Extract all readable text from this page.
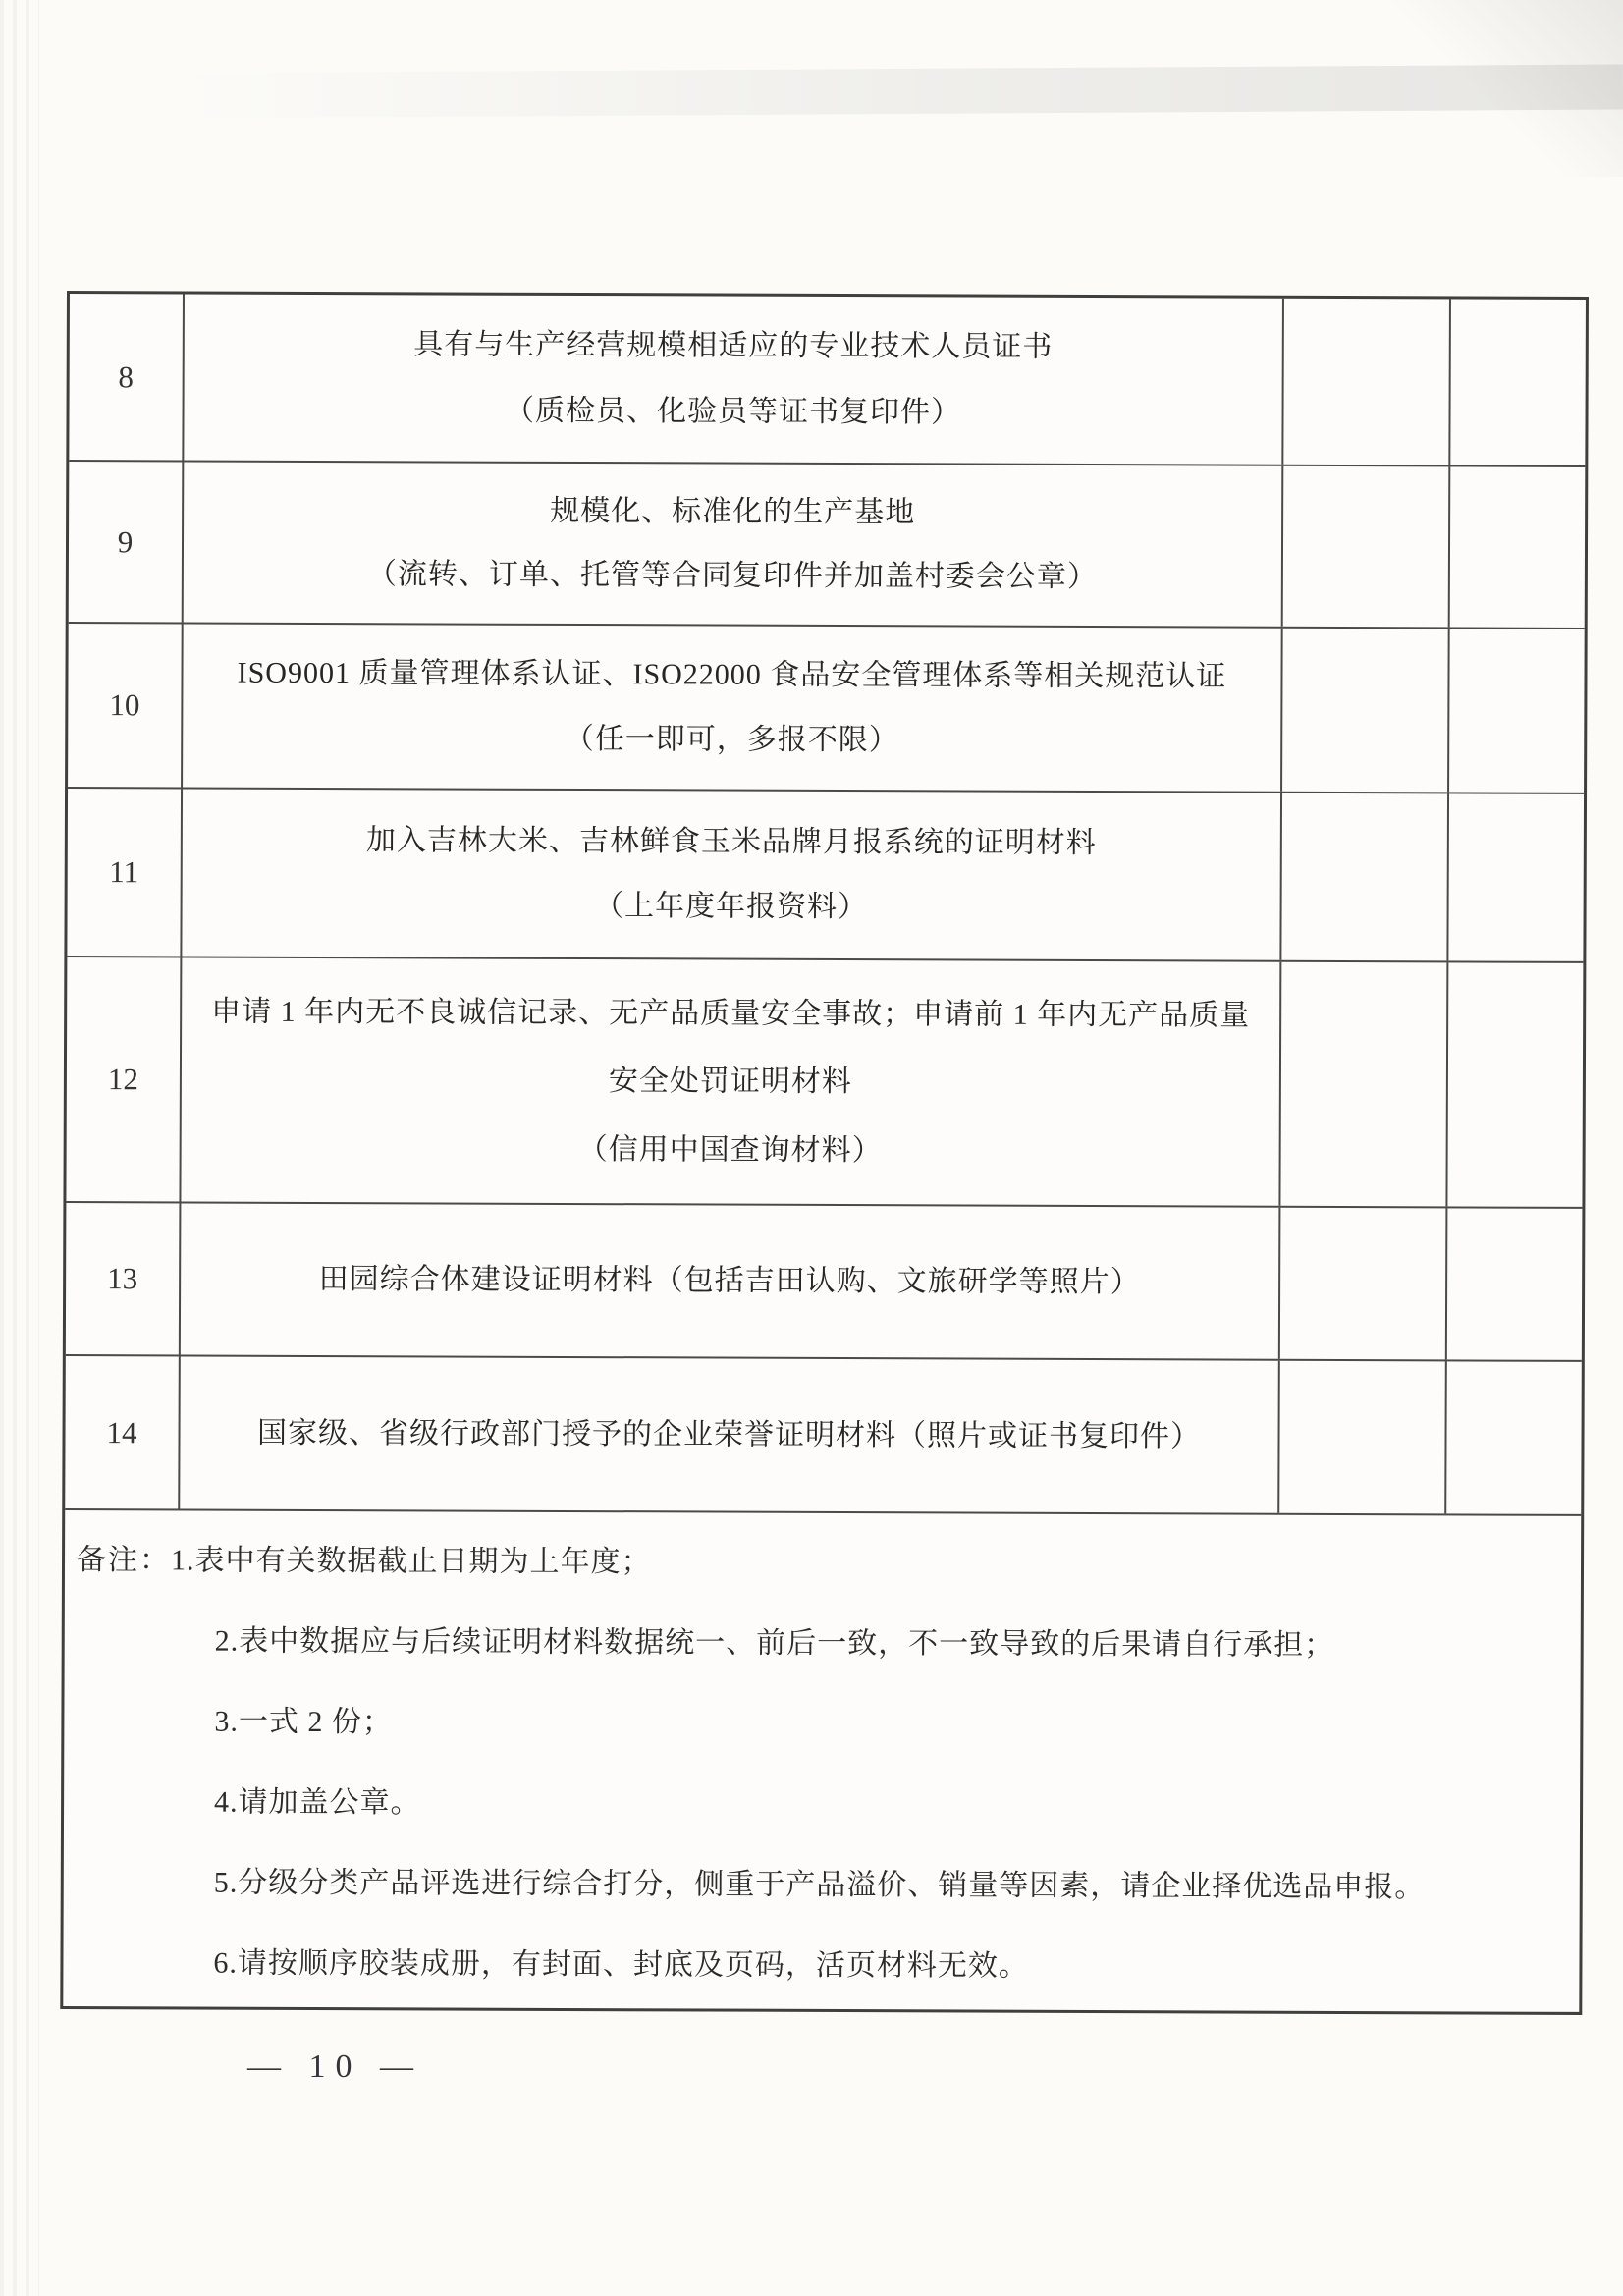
8
具有与生产经营规模相适应的专业技术人员证书
（质检员、化验员等证书复印件）
9
规模化、标准化的生产基地
（流转、订单、托管等合同复印件并加盖村委会公章）
10
ISO9001 质量管理体系认证、ISO22000 食品安全管理体系等相关规范认证
（任一即可，多报不限）
11
加入吉林大米、吉林鲜食玉米品牌月报系统的证明材料
（上年度年报资料）
12
申请 1 年内无不良诚信记录、无产品质量安全事故；申请前 1 年内无产品质量
安全处罚证明材料
（信用中国查询材料）
13	田园综合体建设证明材料（包括吉田认购、文旅研学等照片）
14	国家级、省级行政部门授予的企业荣誉证明材料（照片或证书复印件）
备注：1.表中有关数据截止日期为上年度；
2.表中数据应与后续证明材料数据统一、前后一致，不一致导致的后果请自行承担；
3.一式 2 份；
4.请加盖公章。
5.分级分类产品评选进行综合打分，侧重于产品溢价、销量等因素，请企业择优选品申报。
6.请按顺序胶装成册，有封面、封底及页码，活页材料无效。
— 10 —
